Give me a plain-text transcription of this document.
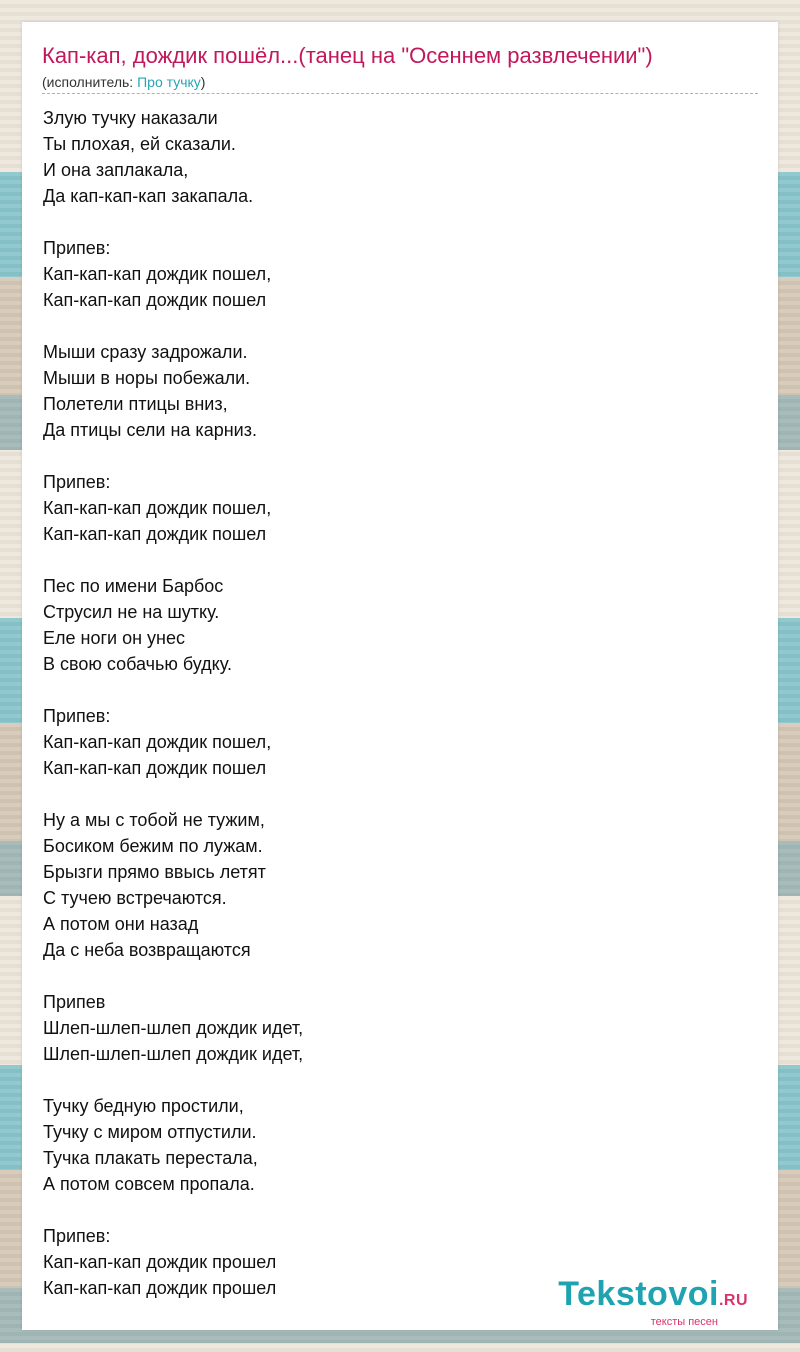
Кап-кап, дождик пошёл...(танец на "Осеннем развлечении")
(исполнитель: Про тучку)
Злую тучку наказали
Ты плохая, ей сказали.
И она заплакала,
Да кап-кап-кап закапала.
Припев:
Кап-кап-кап дождик пошел,
Кап-кап-кап дождик пошел
Мыши сразу задрожали.
Мыши в норы побежали.
Полетели птицы вниз,
Да птицы сели на карниз.
Припев:
Кап-кап-кап дождик пошел,
Кап-кап-кап дождик пошел
Пес по имени Барбос
Струсил не на шутку.
Еле ноги он унес
В свою собачью будку.
Припев:
Кап-кап-кап дождик пошел,
Кап-кап-кап дождик пошел
Ну а мы с тобой не тужим,
Босиком бежим по лужам.
Брызги прямо ввысь летят
С тучею встречаются.
А потом они назад
Да с неба возвращаются
Припев
Шлеп-шлеп-шлеп дождик идет,
Шлеп-шлеп-шлеп дождик идет,
Тучку бедную простили,
Тучку с миром отпустили.
Тучка плакать перестала,
А потом совсем пропала.
Припев:
Кап-кап-кап дождик прошел
Кап-кап-кап дождик прошел	Tekstovoi.RU
тексты песен
